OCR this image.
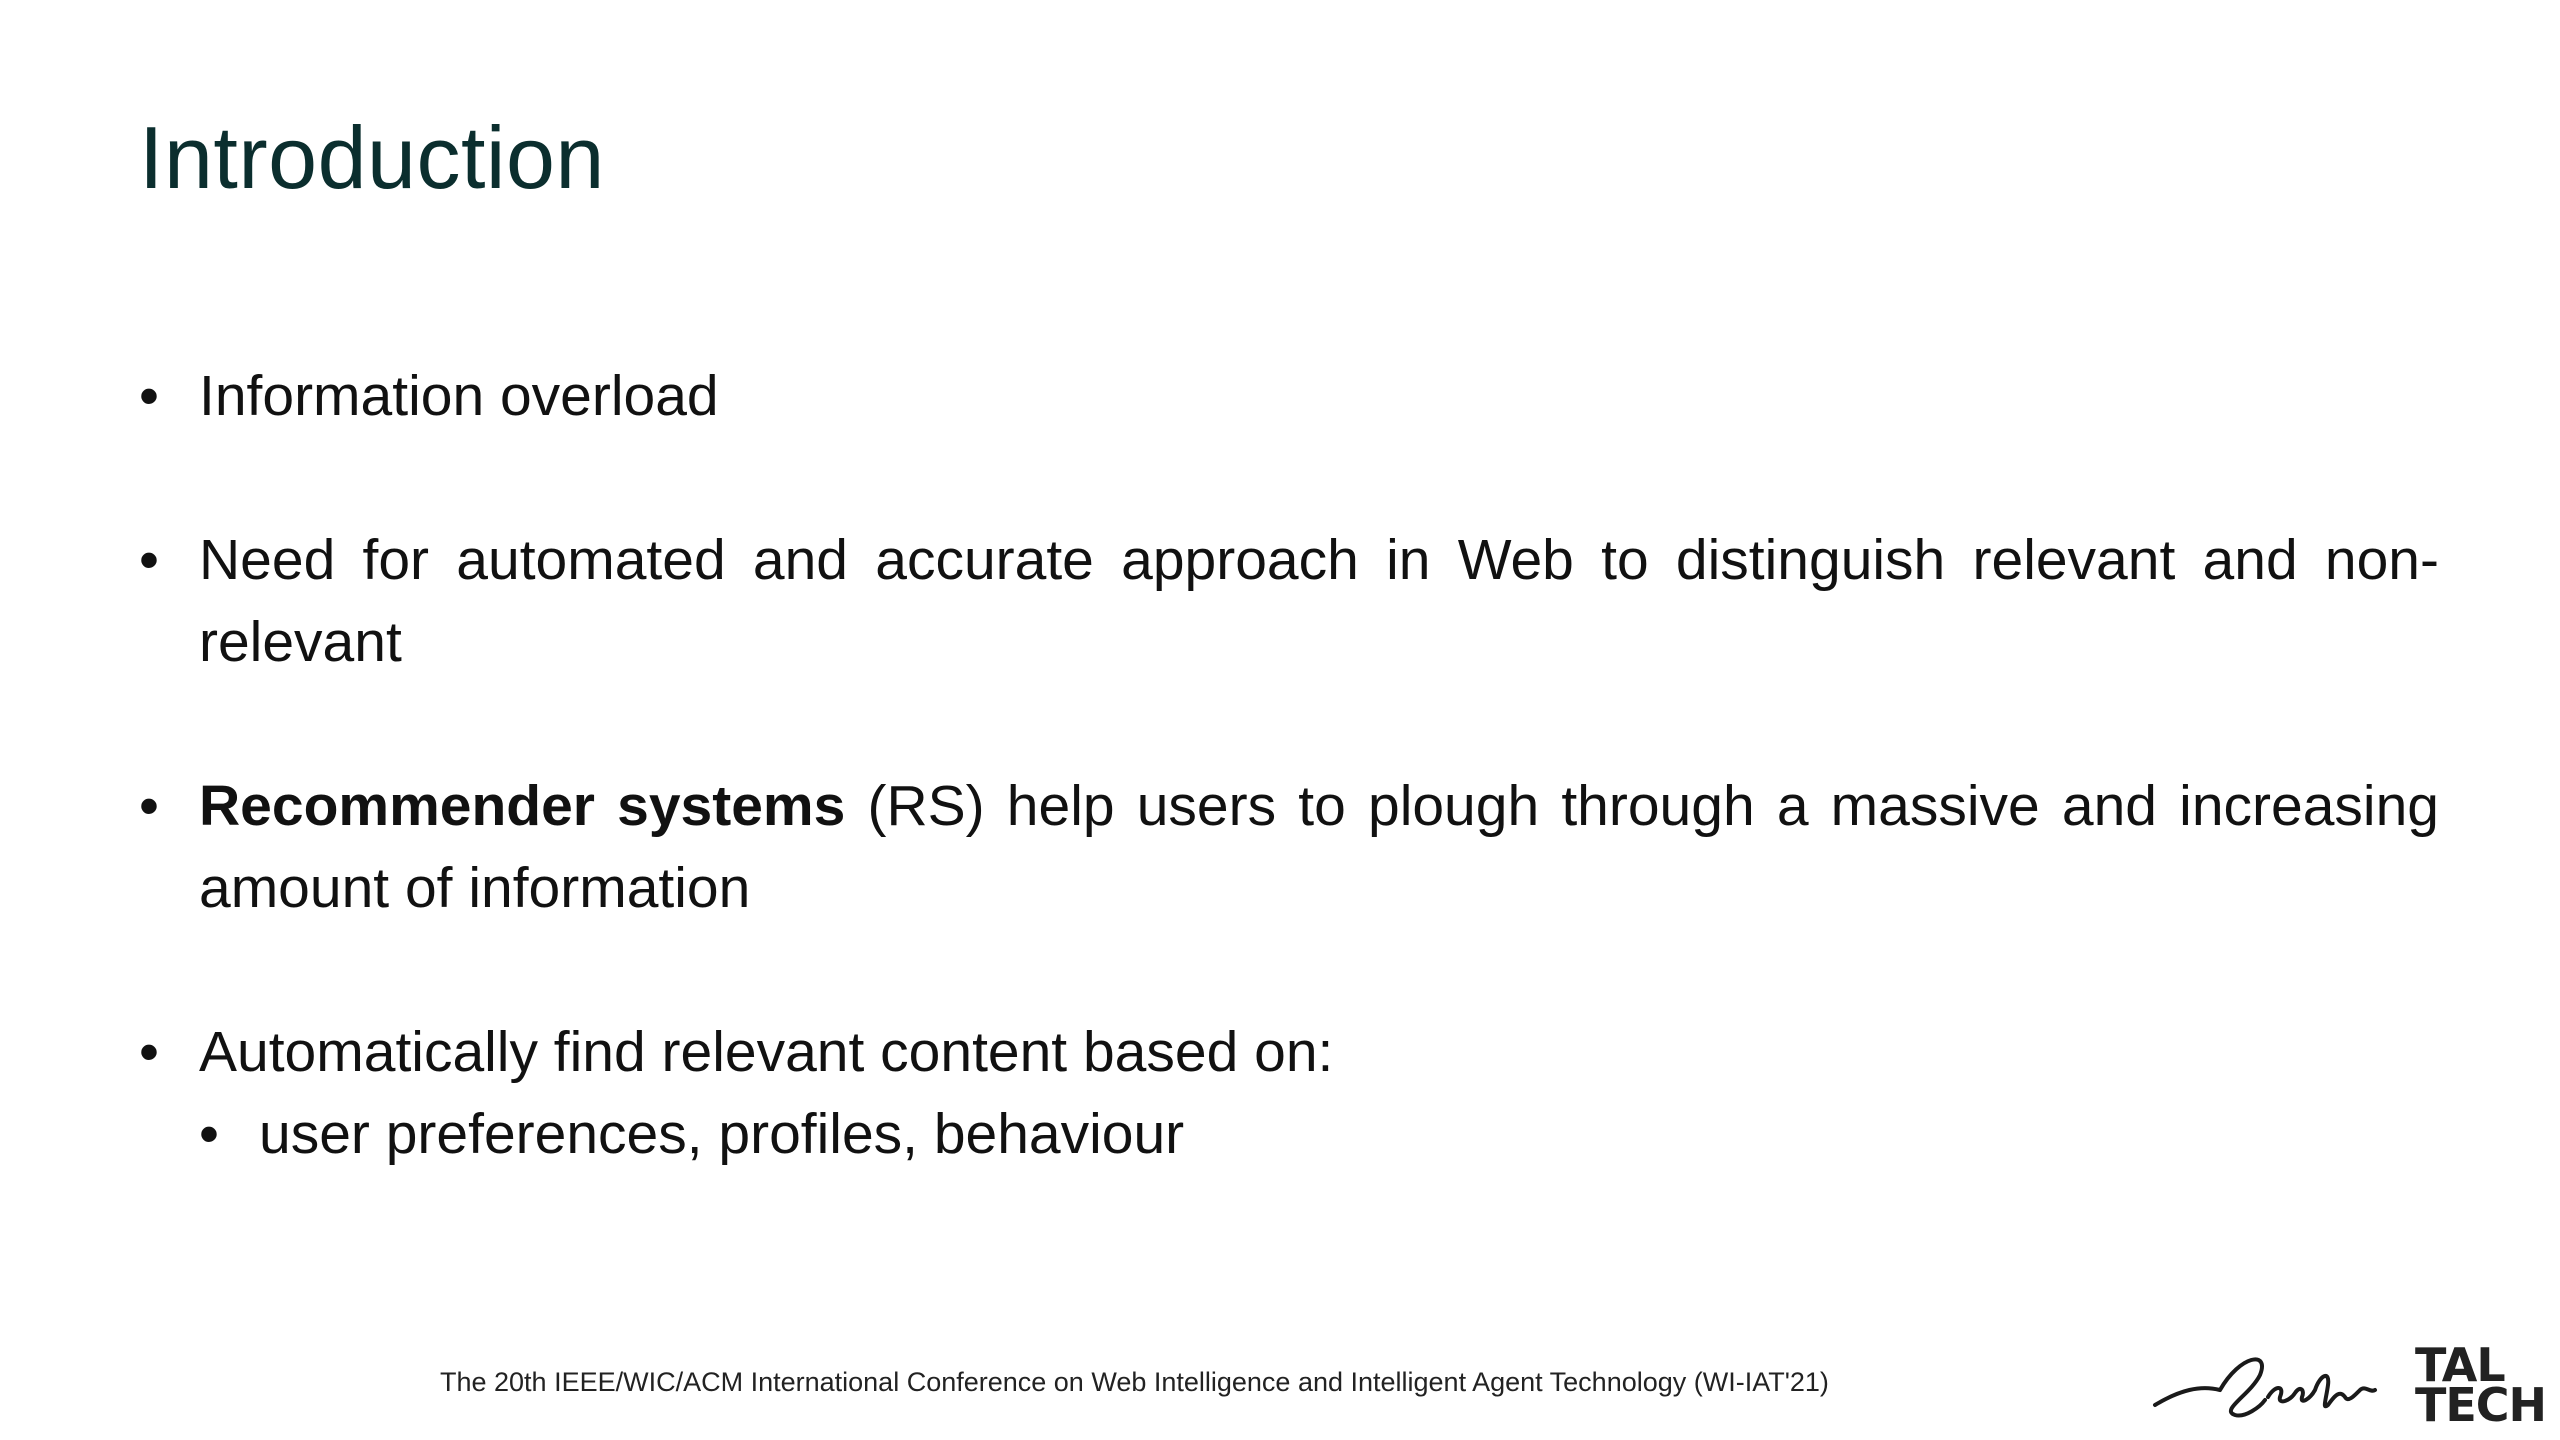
Introduction
• Information overload
• Need for automated and accurate approach in Web to distinguish relevant and non-relevant
• Recommender systems (RS) help users to plough through a massive and increasing amount of information
• Automatically find relevant content based on:
• user preferences, profiles, behaviour
The 20th IEEE/WIC/ACM International Conference on Web Intelligence and Intelligent Agent Technology (WI-IAT'21)	TAL
TECH
